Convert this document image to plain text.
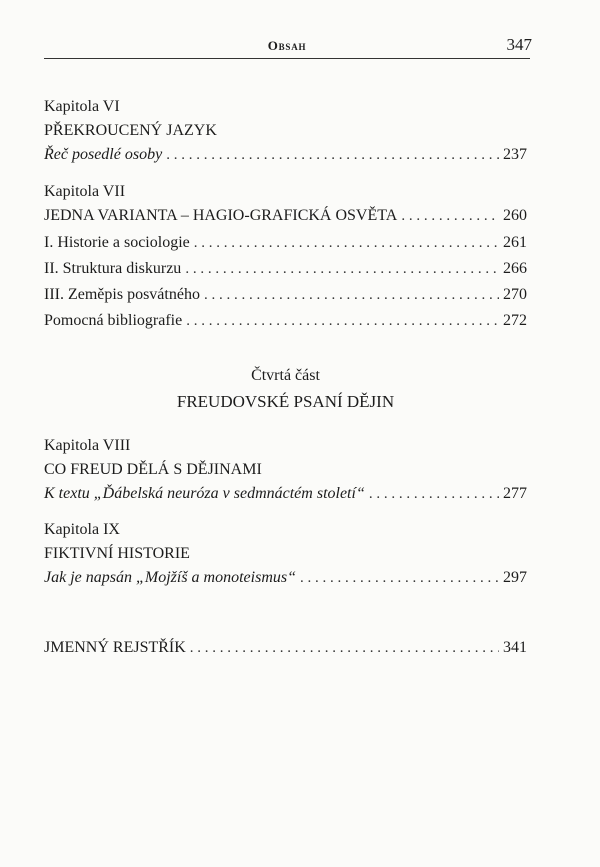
Obsah	347
Kapitola VI
PŘEKROUCENÝ JAZYK
Řeč posedlé osoby . . .	237
Kapitola VII
JEDNA VARIANTA – HAGIO-GRAFICKÁ OSVĚTA . . .	260
I. Historie a sociologie . . .	261
II. Struktura diskurzu . . .	266
III. Zeměpis posvátného . . .	270
Pomocná bibliografie . . .	272
Čtvrtá část
FREUDOVSKÉ PSANÍ DĚJIN
Kapitola VIII
CO FREUD DĚLÁ S DĚJINAMI
K textu „Ďábelská neuróza v sedmnáctém století“ . . .	277
Kapitola IX
FIKTIVNÍ HISTORIE
Jak je napsán „Mojžíš a monoteismus“ . . .	297
JMENNÝ REJSTŘÍK . . .	341
